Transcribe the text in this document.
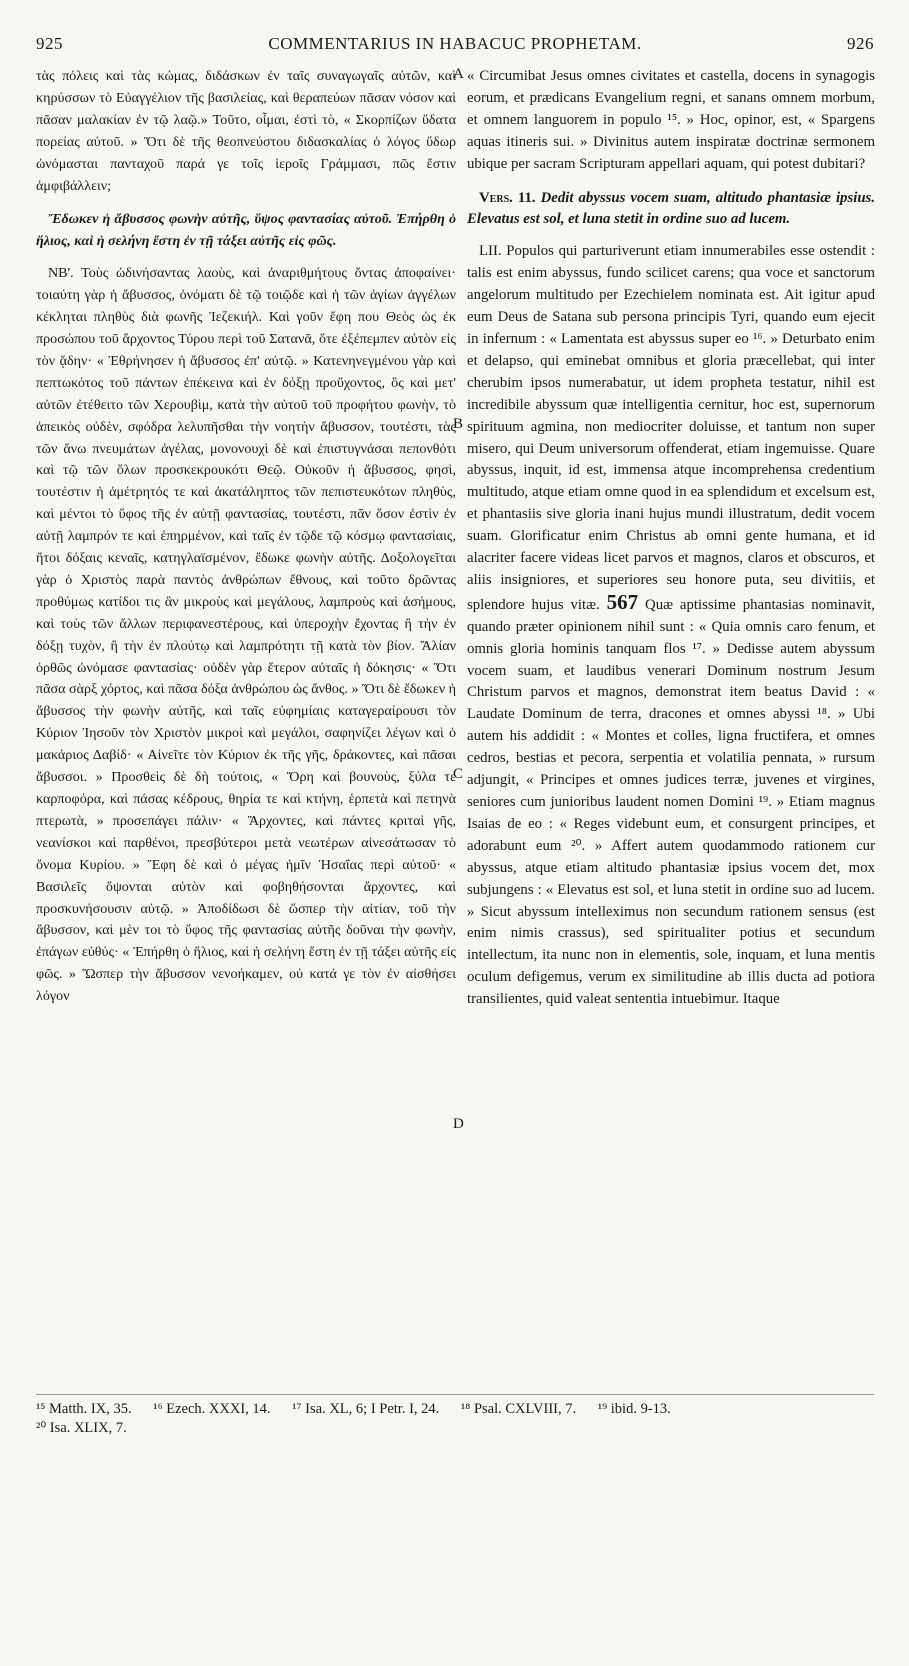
925	COMMENTARIUS IN HABACUC PROPHETAM.	926

τὰς πόλεις καὶ τὰς κώμας, διδάσκων ἐν ταῖς συναγωγαῖς αὐτῶν, καὶ κηρύσσων τὸ Εὐαγγέλιον τῆς βασιλείας, καὶ θεραπεύων πᾶσαν νόσον καὶ πᾶσαν μαλακίαν ἐν τῷ λαῷ.» Τοῦτο, οἶμαι, ἐστὶ τὸ, « Σκορπίζων ὕδατα πορείας αὐτοῦ. » Ὅτι δὲ τῆς θεοπνεύστου διδασκαλίας ὁ λόγος ὕδωρ ὠνόμασται πανταχοῦ παρά γε τοῖς ἱεροῖς Γράμμασι, πῶς ἔστιν ἀμφιβάλλειν;

Ἔδωκεν ἡ ἄβυσσος φωνὴν αὐτῆς, ὕψος φαντασίας αὐτοῦ. Ἐπήρθη ὁ ἥλιος, καὶ ἡ σελήνη ἔστη ἐν τῇ τάξει αὐτῆς εἰς φῶς.

ΝΒ'. Τοὺς ὠδινήσαντας λαοὺς, καὶ ἀναριθμήτους ὄντας ἀποφαίνει· τοιαύτη γὰρ ἡ ἄβυσσος, ὀνόματι δὲ τῷ τοιῷδε καὶ ἡ τῶν ἁγίων ἀγγέλων κέκληται πληθὺς διὰ φωνῆς Ἰεζεκιήλ. Καὶ γοῦν ἔφη που Θεὸς ὡς ἐκ προσώπου τοῦ ἄρχοντος Τύρου περὶ τοῦ Σατανᾶ, ὅτε ἐξέπεμπεν αὐτὸν εἰς τὸν ᾅδην· « Ἐθρήνησεν ἡ ἄβυσσος ἐπ' αὐτῷ. » Κατενηνεγμένου γὰρ καὶ πεπτωκότος τοῦ πάντων ἐπέκεινα καὶ ἐν δόξῃ προὔχοντος, ὃς καὶ μετ' αὐτῶν ἐτέθειτο τῶν Χερουβὶμ, κατὰ τὴν αὐτοῦ τοῦ προφήτου φωνὴν, τὸ ἀπεικὸς οὐδὲν, σφόδρα λελυπῆσθαι τὴν νοητὴν ἄβυσσον, τουτέστι, τὰς τῶν ἄνω πνευμάτων ἀγέλας, μονονουχὶ δὲ καὶ ἐπιστυγνάσαι πεπονθότι καὶ τῷ τῶν ὅλων προσκεκρουκότι Θεῷ. Οὐκοῦν ἡ ἄβυσσος, φησὶ, τουτέστιν ἡ ἀμέτρητός τε καὶ ἀκατάληπτος τῶν πεπιστευκότων πληθὺς, καὶ μέντοι τὸ ὕφος τῆς ἐν αὐτῇ φαντασίας, τουτέστι, πᾶν ὅσον ἐστὶν ἐν αὐτῇ λαμπρόν τε καὶ ἐπηρμένον, καὶ ταῖς ἐν τῷδε τῷ κόσμῳ φαντασίαις, ἤτοι δόξαις κεναῖς, κατηγλαϊσμένον, ἔδωκε φωνὴν αὐτῆς. Δοξολογεῖται γὰρ ὁ Χριστὸς παρὰ παντὸς ἀνθρώπων ἔθνους, καὶ τοῦτο δρῶντας προθύμως κατίδοι τις ἂν μικροὺς καὶ μεγάλους, λαμπροὺς καὶ ἀσήμους, καὶ τοὺς τῶν ἄλλων περιφανεστέρους, καὶ ὑπεροχὴν ἔχοντας ἢ τὴν ἐν δόξῃ τυχὸν, ἢ τὴν ἐν πλούτῳ καὶ λαμπρότητι τῇ κατὰ τὸν βίον. Ἄλίαν ὀρθῶς ὠνόμασε φαντασίας· οὐδὲν γὰρ ἕτερον αὐταῖς ἡ δόκησις· « Ὅτι πᾶσα σὰρξ χόρτος, καὶ πᾶσα δόξα ἀνθρώπου ὡς ἄνθος. » Ὅτι δὲ ἔδωκεν ἡ ἄβυσσος τὴν φωνὴν αὐτῆς, καὶ ταῖς εὐφημίαις καταγεραίρουσι τὸν Κύριον Ἰησοῦν τὸν Χριστὸν μικροὶ καὶ μεγάλοι, σαφηνίζει λέγων καὶ ὁ μακάριος Δαβίδ· « Αἰνεῖτε τὸν Κύριον ἐκ τῆς γῆς, δράκοντες, καὶ πᾶσαι ἄβυσσοι. » Προσθεὶς δὲ δὴ τούτοις, « Ὄρη καὶ βουνοὺς, ξύλα τε καρποφόρα, καὶ πάσας κέδρους, θηρία τε καὶ κτήνη, ἑρπετὰ καὶ πετηνὰ πτερωτὰ, » προσεπάγει πάλιν· « Ἄρχοντες, καὶ πάντες κριταὶ γῆς, νεανίσκοι καὶ παρθένοι, πρεσβύτεροι μετὰ νεωτέρων αἰνεσάτωσαν τὸ ὄνομα Κυρίου. » Ἔφη δὲ καὶ ὁ μέγας ἡμῖν Ἡσαΐας περὶ αὐτοῦ· « Βασιλεῖς ὄψονται αὐτὸν καὶ φοβηθήσονται ἄρχοντες, καὶ προσκυνήσουσιν αὐτῷ. » Ἀποδίδωσι δὲ ὥσπερ τὴν αἰτίαν, τοῦ τὴν ἄβυσσον, καὶ μὲν τοι τὸ ὕφος τῆς φαντασίας αὐτῆς δοῦναι τὴν φωνὴν, ἐπάγων εὐθύς· « Ἐπήρθη ὁ ἥλιος, καὶ ἡ σελήνη ἔστη ἐν τῇ τάξει αὐτῆς εἰς φῶς. » Ὥσπερ τὴν ἄβυσσον νενοήκαμεν, οὐ κατά γε τὸν ἐν αἰσθήσει λόγον

A
B
C
D

« Circumibat Jesus omnes civitates et castella, docens in synagogis eorum, et prædicans Evangelium regni, et sanans omnem morbum, et omnem languorem in populo ¹⁵. » Hoc, opinor, est, « Spargens aquas itineris sui. » Divinitus autem inspiratæ doctrinæ sermonem ubique per sacram Scripturam appellari aquam, qui potest dubitari?

Vers. 11. Dedit abyssus vocem suam, altitudo phantasiæ ipsius. Elevatus est sol, et luna stetit in ordine suo ad lucem.

LII. Populos qui parturiverunt etiam innumerabiles esse ostendit : talis est enim abyssus, fundo scilicet carens; qua voce et sanctorum angelorum multitudo per Ezechielem nominata est. Ait igitur apud eum Deus de Satana sub persona principis Tyri, quando eum ejecit in infernum : « Lamentata est abyssus super eo ¹⁶. » Deturbato enim et delapso, qui eminebat omnibus et gloria præcellebat, qui inter cherubim ipsos numerabatur, ut idem propheta testatur, nihil est incredibile abyssum quæ intelligentia cernitur, hoc est, supernorum spirituum agmina, non mediocriter doluisse, et tantum non super misero, qui Deum universorum offenderat, etiam ingemuisse. Quare abyssus, inquit, id est, immensa atque incomprehensa credentium multitudo, atque etiam omne quod in ea splendidum et excelsum est, et phantasiis sive gloria inani hujus mundi illustratum, dedit vocem suam. Glorificatur enim Christus ab omni gente humana, et id alacriter facere videas licet parvos et magnos, claros et obscuros, et aliis insigniores, et superiores seu honore puta, seu divitiis, et splendore hujus vitæ. 567 Quæ aptissime phantasias nominavit, quando præter opinionem nihil sunt : « Quia omnis caro fenum, et omnis gloria hominis tanquam flos ¹⁷. » Dedisse autem abyssum vocem suam, et laudibus venerari Dominum nostrum Jesum Christum parvos et magnos, demonstrat item beatus David : « Laudate Dominum de terra, dracones et omnes abyssi ¹⁸. » Ubi autem his addidit : « Montes et colles, ligna fructifera, et omnes cedros, bestias et pecora, serpentia et volatilia pennata, » rursum adjungit, « Principes et omnes judices terræ, juvenes et virgines, seniores cum junioribus laudent nomen Domini ¹⁹. » Etiam magnus Isaias de eo : « Reges videbunt eum, et consurgent principes, et adorabunt eum ²⁰. » Affert autem quodammodo rationem cur abyssus, atque etiam altitudo phantasiæ ipsius vocem det, mox subjungens : « Elevatus est sol, et luna stetit in ordine suo ad lucem. » Sicut abyssum intelleximus non secundum rationem sensus (est enim nimis crassus), sed spiritualiter potius et secundum intellectum, ita nunc non in elementis, sole, inquam, et luna mentis oculum defigemus, verum ex similitudine ab illis ducta ad potiora transilientes, quid valeat sententia intuebimur. Itaque

¹⁵ Matth. IX, 35. ¹⁶ Ezech. XXXI, 14. ¹⁷ Isa. XL, 6; I Petr. I, 24. ¹⁸ Psal. CXLVIII, 7. ¹⁹ ibid. 9-13.
²⁰ Isa. XLIX, 7.
